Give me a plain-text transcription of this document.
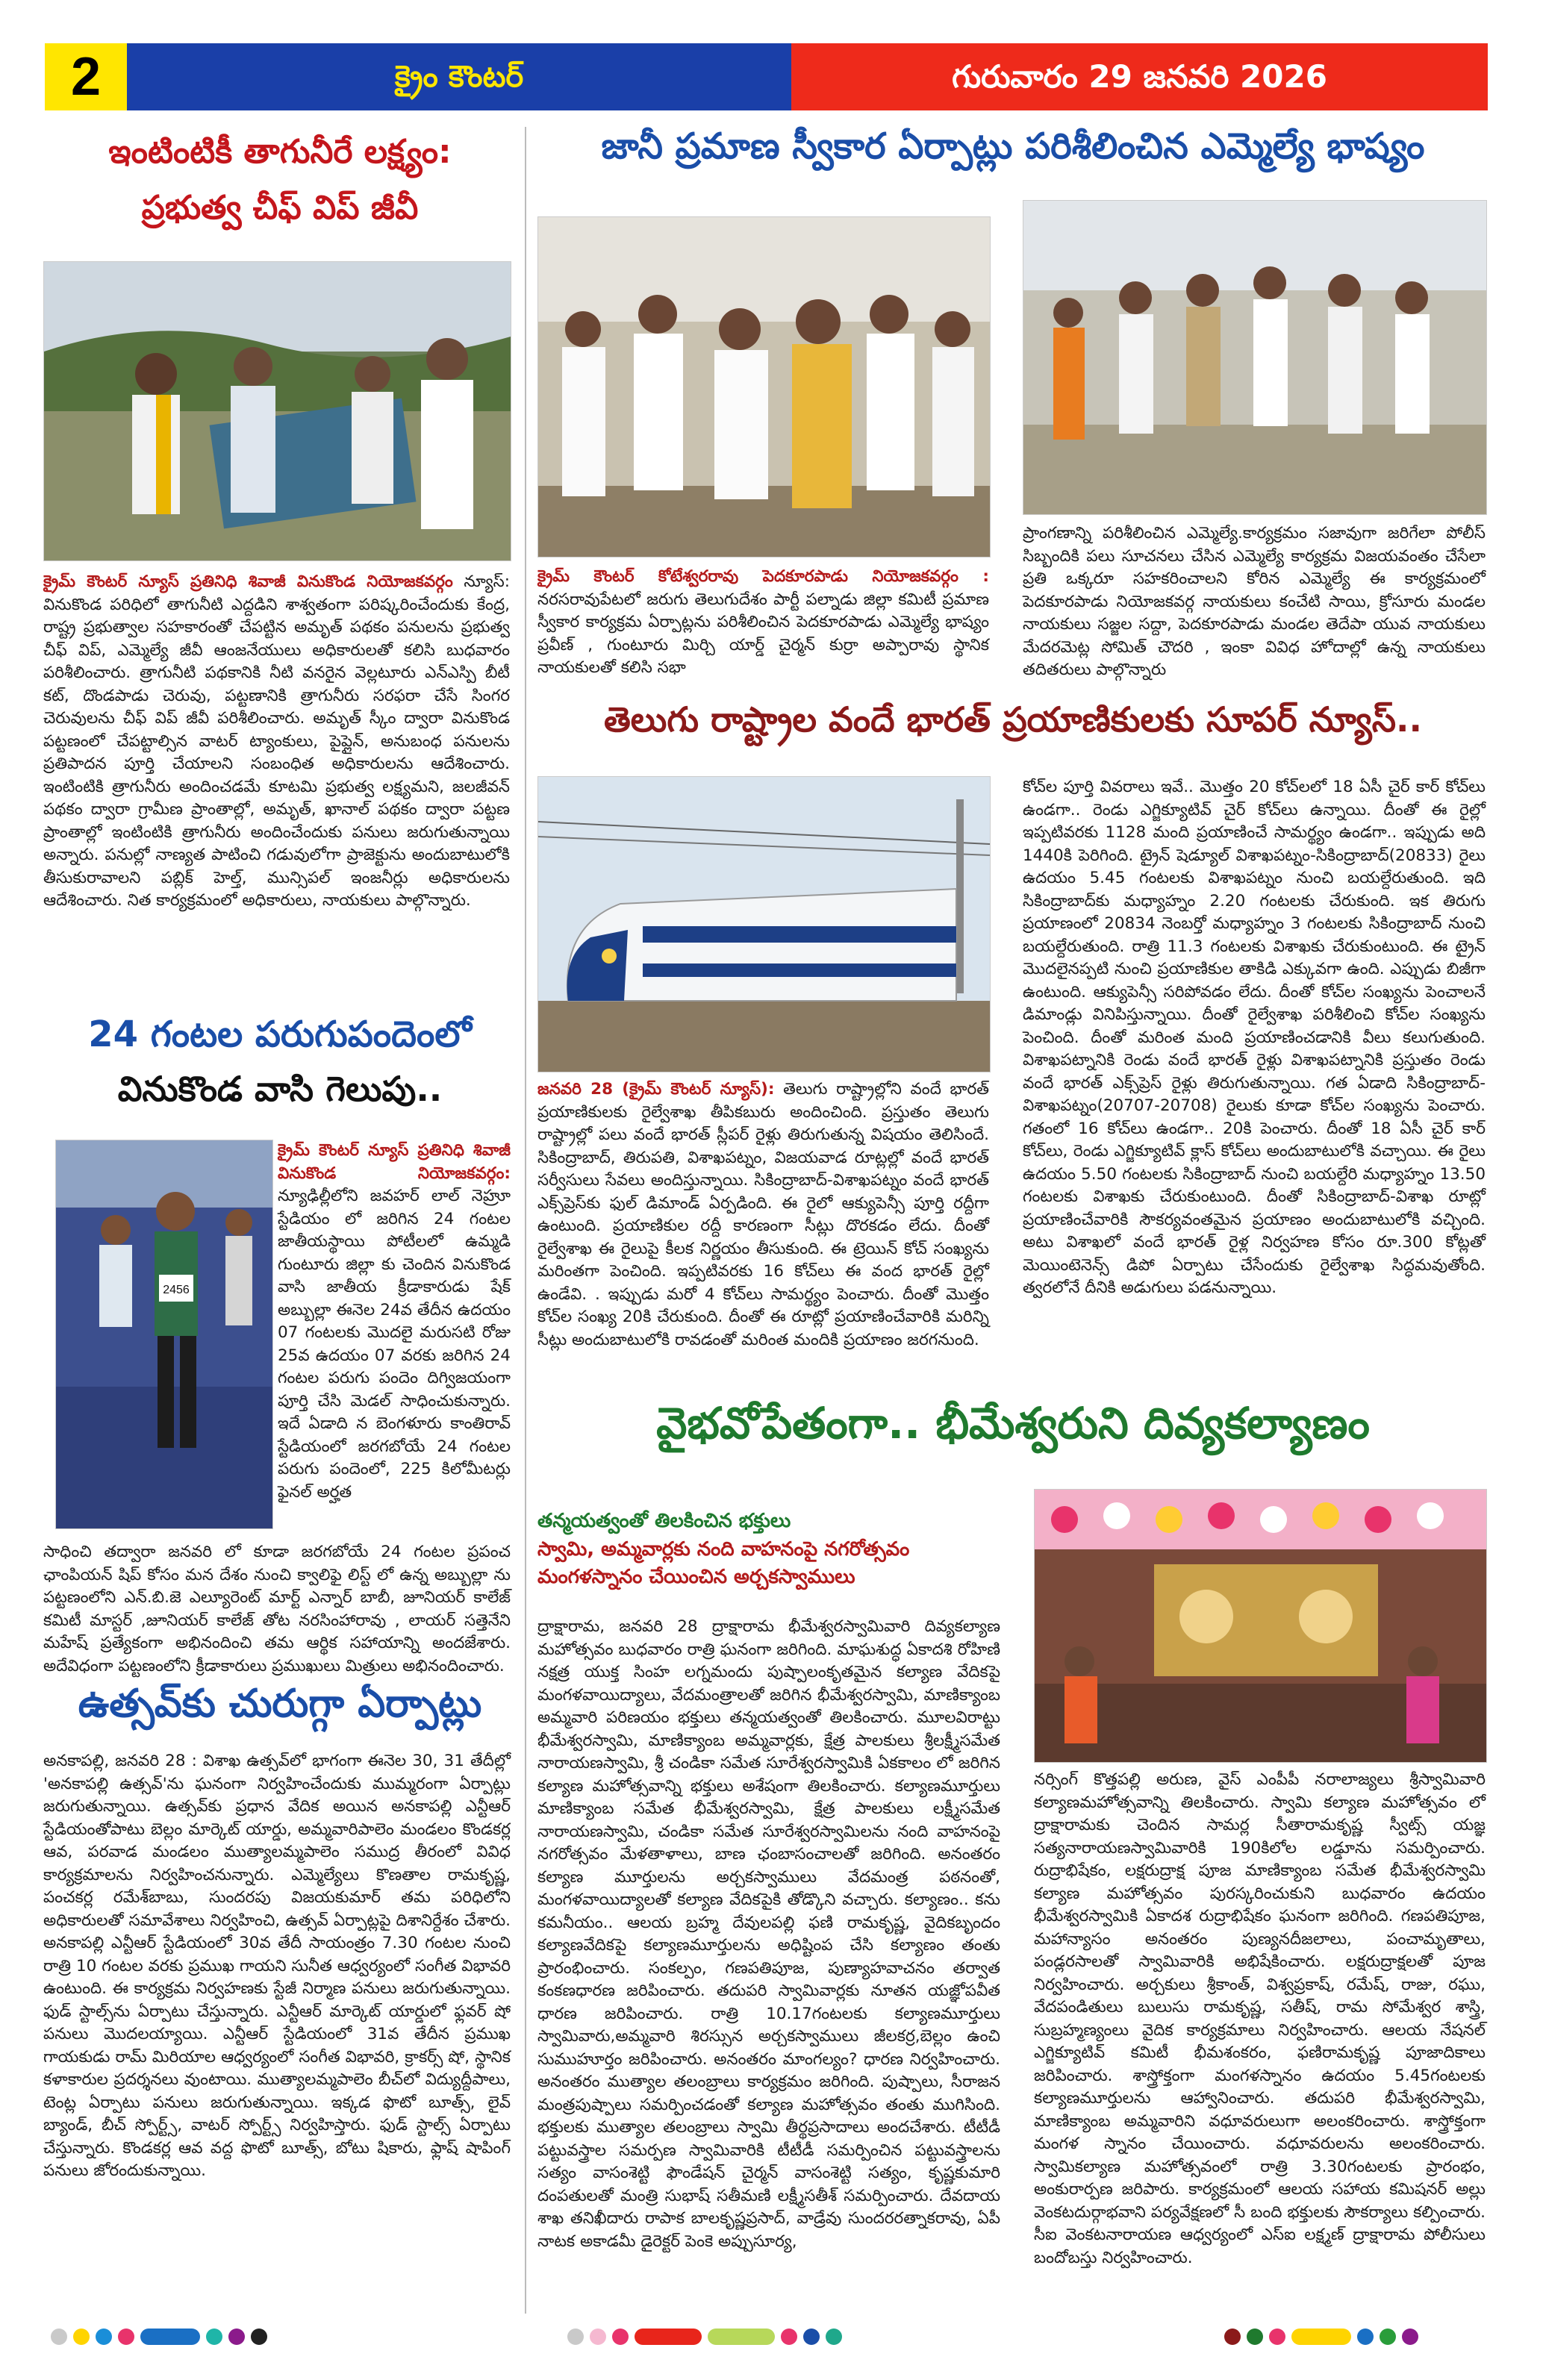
2	క్రైం కౌంటర్	గురువారం 29 జనవరి 2026
ఇంటింటికీ తాగునీరే లక్ష్యం:
ప్రభుత్వ చీఫ్ విప్ జీవీ
క్రైమ్ కౌంటర్ న్యూస్ ప్రతినిధి శివాజీ వినుకొండ నియోజకవర్గం న్యూస్: వినుకొండ పరిధిలో తాగునీటి ఎద్దడిని శాశ్వతంగా పరిష్కరించేందుకు కేంద్ర, రాష్ట్ర ప్రభుత్వాల సహకారంతో చేపట్టిన అమృత్ పథకం పనులను ప్రభుత్వ చీఫ్ విప్, ఎమ్మెల్యే జీవీ ఆంజనేయులు అధికారులతో కలిసి బుధవారం పరిశీలించారు. త్రాగునీటి పథకానికి నీటి వనరైన వెల్లటూరు ఎన్ఎస్పి బీటీ కట్, దొండపాడు చెరువు, పట్టణానికి త్రాగునీరు సరఫరా చేసే సింగర చెరువులను చీఫ్ విప్ జీవీ పరిశీలించారు. అమృత్ స్కీం ద్వారా వినుకొండ పట్టణంలో చేపట్టాల్సిన వాటర్ ట్యాంకులు, పైప్లైన్, అనుబంధ పనులను ప్రతిపాదన పూర్తి చేయాలని సంబంధిత అధికారులను ఆదేశించారు. ఇంటింటికి త్రాగునీరు అందించడమే కూటమి ప్రభుత్వ లక్ష్యమని, జలజీవన్ పథకం ద్వారా గ్రామీణ ప్రాంతాల్లో, అమృత్, ఖానాల్ పథకం ద్వారా పట్టణ ప్రాంతాల్లో ఇంటింటికి త్రాగునీరు అందించేందుకు పనులు జరుగుతున్నాయి అన్నారు. పనుల్లో నాణ్యత పాటించి గడువులోగా ప్రాజెక్టును అందుబాటులోకి తీసుకురావాలని పబ్లిక్ హెల్త్, మున్సిపల్ ఇంజనీర్లు అధికారులను ఆదేశించారు. నిత కార్యక్రమంలో అధికారులు, నాయకులు పాల్గొన్నారు.
24 గంటల పరుగుపందెంలో
వినుకొండ వాసి గెలుపు..
2456
క్రైమ్ కౌంటర్ న్యూస్ ప్రతినిధి శివాజీ వినుకొండ నియోజకవర్గం: న్యూఢిల్లీలోని జవహర్ లాల్ నెహ్రూ స్టేడియం లో జరిగిన 24 గంటల జాతీయస్థాయి పోటీలలో ఉమ్మడి గుంటూరు జిల్లా కు చెందిన వినుకొండ వాసి జాతీయ క్రీడాకారుడు షేక్ అబ్బుల్లా ఈనెల 24వ తేదీన ఉదయం 07 గంటలకు మొదలై మరుసటి రోజు 25వ ఉదయం 07 వరకు జరిగిన 24 గంటల పరుగు పందెం దిగ్విజయంగా పూర్తి చేసి మెడల్ సాధించుకున్నారు. ఇదే ఏడాది న బెంగళూరు కాంతిరావ్ స్టేడియంలో జరగబోయే 24 గంటల పరుగు పందెంలో, 225 కిలోమీటర్లు ఫైనల్ అర్హత
సాధించి తద్వారా జనవరి లో కూడా జరగబోయే 24 గంటల ప్రపంచ ఛాంపియన్ షిప్ కోసం మన దేశం నుంచి క్వాలిఫై లిస్ట్ లో ఉన్న అబ్బుల్లా ను పట్టణంలోని ఎన్.బి.జె ఎల్యూరెంట్ మార్ట్ ఎన్నార్ బాబీ, జూనియర్ కాలేజ్ కమిటీ మాస్టర్ ,జూనియర్ కాలేజ్ తోట నరసింహారావు , లాయర్ సత్తెనేని మహేష్ ప్రత్యేకంగా అభినందించి తమ ఆర్థిక సహాయాన్ని అందజేశారు. అదేవిధంగా పట్టణంలోని క్రీడాకారులు ప్రముఖులు మిత్రులు అభినందించారు.
ఉత్సవ్‌కు చురుగ్గా ఏర్పాట్లు
అనకాపల్లి, జనవరి 28 : విశాఖ ఉత్సవ్‌లో భాగంగా ఈనెల 30, 31 తేదీల్లో 'అనకాపల్లి ఉత్సవ్'ను ఘనంగా నిర్వహించేందుకు ముమ్మరంగా ఏర్పాట్లు జరుగుతున్నాయి. ఉత్సవ్‌కు ప్రధాన వేదిక అయిన అనకాపల్లి ఎన్టీఆర్ స్టేడియంతోపాటు బెల్లం మార్కెట్ యార్డు, అమ్మవారిపాలెం మండలం కొండకర్ల ఆవ, పరవాడ మండలం ముత్యాలమ్మపాలెం సముద్ర తీరంలో వివిధ కార్యక్రమాలను నిర్వహించనున్నారు. ఎమ్మెల్యేలు కొణతాల రామకృష్ణ, పంచకర్ల రమేశ్‌బాబు, సుందరపు విజయకుమార్ తమ పరిధిలోని అధికారులతో సమావేశాలు నిర్వహించి, ఉత్సవ్ ఏర్పాట్లపై దిశానిర్దేశం చేశారు. అనకాపల్లి ఎన్టీఆర్ స్టేడియంలో 30వ తేదీ సాయంత్రం 7.30 గంటల నుంచి రాత్రి 10 గంటల వరకు ప్రముఖ గాయని సునీత ఆధ్వర్యంలో సంగీత విభావరి ఉంటుంది. ఈ కార్యక్రమ నిర్వహణకు స్టేజీ నిర్మాణ పనులు జరుగుతున్నాయి. ఫుడ్ స్టాల్స్‌ను ఏర్పాటు చేస్తున్నారు. ఎన్టీఆర్ మార్కెట్ యార్డులో ఫ్లవర్ షో పనులు మొదలయ్యాయి. ఎన్టీఆర్ స్టేడియంలో 31వ తేదీన ప్రముఖ గాయకుడు రామ్ మిరియాల ఆధ్వర్యంలో సంగీత విభావరి, క్రాకర్స్ షో, స్థానిక కళాకారుల ప్రదర్శనలు వుంటాయి. ముత్యాలమ్మపాలెం బీచ్‌లో విద్యుద్దీపాలు, టెంట్ల ఏర్పాటు పనులు జరుగుతున్నాయి. ఇక్కడ ఫొటో బూత్స్, లైవ్ బ్యాండ్, బీచ్ స్పోర్ట్స్, వాటర్ స్పోర్ట్స్ నిర్వహిస్తారు. ఫుడ్ స్టాల్స్ ఏర్పాటు చేస్తున్నారు. కొండకర్ల ఆవ వద్ద ఫొటో బూత్స్, బోటు షికారు, ఫ్లాష్ షాపింగ్ పనులు జోరందుకున్నాయి.
జానీ ప్రమాణ స్వీకార ఏర్పాట్లు పరిశీలించిన ఎమ్మెల్యే భాష్యం
ప్రాంగణాన్ని పరిశీలించిన ఎమ్మెల్యే.కార్యక్రమం సజావుగా జరిగేలా పోలీస్ సిబ్బందికి పలు సూచనలు చేసిన ఎమ్మెల్యే కార్యక్రమ విజయవంతం చేసేలా ప్రతి ఒక్కరూ సహకరించాలని కోరిన ఎమ్మెల్యే ఈ కార్యక్రమంలో పెదకూరపాడు నియోజకవర్గ నాయకులు కంచేటి సాయి, క్రోసూరు మండల నాయకులు సజ్జల సద్దా, పెదకూరపాడు మండల తెదేపా యువ నాయకులు మేదరమెట్ల సోమిత్ చౌదరి , ఇంకా వివిధ హోదాల్లో ఉన్న నాయకులు తదితరులు పాల్గొన్నారు
క్రైమ్ కౌంటర్ కోటేశ్వరరావు పెదకూరపాడు నియోజకవర్గం : నరసరావుపేటలో జరుగు తెలుగుదేశం పార్టీ పల్నాడు జిల్లా కమిటీ ప్రమాణ స్వీకార కార్యక్రమ ఏర్పాట్లను పరిశీలించిన పెదకూరపాడు ఎమ్మెల్యే భాష్యం ప్రవీణ్ , గుంటూరు మిర్చి యార్డ్ చైర్మన్ కుర్రా అప్పారావు స్థానిక నాయకులతో కలిసి సభా
తెలుగు రాష్ట్రాల వందే భారత్ ప్రయాణికులకు సూపర్ న్యూస్..
జనవరి 28 (క్రైమ్ కౌంటర్ న్యూస్): తెలుగు రాష్ట్రాల్లోని వందే భారత్ ప్రయాణికులకు రైల్వేశాఖ తీపికబురు అందించింది. ప్రస్తుతం తెలుగు రాష్ట్రాల్లో పలు వందే భారత్ స్లీపర్ రైళ్లు తిరుగుతున్న విషయం తెలిసిందే. సికింద్రాబాద్, తిరుపతి, విశాఖపట్నం, విజయవాడ రూట్లల్లో వందే భారత్ సర్వీసులు సేవలు అందిస్తున్నాయి. సికింద్రాబాద్-విశాఖపట్నం వందే భారత్ ఎక్స్‌ప్రెస్‌కు ఫుల్ డిమాండ్ ఏర్పడింది. ఈ రైలో ఆక్యుపెన్సీ పూర్తి రద్దీగా ఉంటుంది. ప్రయాణికుల రద్దీ కారణంగా సీట్లు దొరకడం లేదు. దీంతో రైల్వేశాఖ ఈ రైలుపై కీలక నిర్ణయం తీసుకుంది. ఈ ట్రెయిన్ కోచ్ సంఖ్యను మరింతగా పెంచింది. ఇప్పటివరకు 16 కోచ్‌లు ఈ వంద భారత్ రైల్లో ఉండేవి. . ఇప్పుడు మరో 4 కోచ్‌లు సామర్థ్యం పెంచారు. దీంతో మొత్తం కోచ్‌ల సంఖ్య 20కి చేరుకుంది. దీంతో ఈ రూట్లో ప్రయాణించేవారికి మరిన్ని సీట్లు అందుబాటులోకి రావడంతో మరింత మందికి ప్రయాణం జరగనుంది.
కోచ్‌ల పూర్తి వివరాలు ఇవే.. మొత్తం 20 కోచ్‌లలో 18 ఏసీ చైర్ కార్ కోచ్‌లు ఉండగా.. రెండు ఎగ్జిక్యూటివ్ చైర్ కోచ్‌లు ఉన్నాయి. దీంతో ఈ రైల్లో ఇప్పటివరకు 1128 మంది ప్రయాణించే సామర్థ్యం ఉండగా.. ఇప్పుడు అది 1440కి పెరిగింది. ట్రైన్ షెడ్యూల్ విశాఖపట్నం-సికింద్రాబాద్(20833) రైలు ఉదయం 5.45 గంటలకు విశాఖపట్నం నుంచి బయల్దేరుతుంది. ఇది సికింద్రాబాద్‌కు మధ్యాహ్నం 2.20 గంటలకు చేరుకుంది. ఇక తిరుగు ప్రయాణంలో 20834 నెంబర్తో మధ్యాహ్నం 3 గంటలకు సికింద్రాబాద్ నుంచి బయల్దేరుతుంది. రాత్రి 11.3 గంటలకు విశాఖకు చేరుకుంటుంది. ఈ ట్రైన్ మొదలైనప్పటి నుంచి ప్రయాణికుల తాకిడి ఎక్కువగా ఉంది. ఎప్పుడు బిజీగా ఉంటుంది. ఆక్యుపెన్సీ సరిపోవడం లేదు. దీంతో కోచ్‌ల సంఖ్యను పెంచాలనే డిమాండ్లు వినిపిస్తున్నాయి. దీంతో రైల్వేశాఖ పరిశీలించి కోచ్‌ల సంఖ్యను పెంచింది. దీంతో మరింత మంది ప్రయాణించడానికి వీలు కలుగుతుంది. విశాఖపట్నానికి రెండు వందే భారత్ రైళ్లు విశాఖపట్నానికి ప్రస్తుతం రెండు వందే భారత్ ఎక్స్‌ప్రెస్ రైళ్లు తిరుగుతున్నాయి. గత ఏడాది సికింద్రాబాద్-విశాఖపట్నం(20707-20708) రైలుకు కూడా కోచ్‌ల సంఖ్యను పెంచారు. గతంలో 16 కోచ్‌లు ఉండగా.. 20కి పెంచారు. దీంతో 18 ఏసీ చైర్ కార్ కోచ్‌లు, రెండు ఎగ్జిక్యూటివ్ క్లాస్ కోచ్‌లు అందుబాటులోకి వచ్చాయి. ఈ రైలు ఉదయం 5.50 గంటలకు సికింద్రాబాద్ నుంచి బయల్దేరి మధ్యాహ్నం 13.50 గంటలకు విశాఖకు చేరుకుంటుంది. దీంతో సికింద్రాబాద్-విశాఖ రూట్లో ప్రయాణించేవారికి సౌకర్యవంతమైన ప్రయాణం అందుబాటులోకి వచ్చింది. అటు విశాఖలో వందే భారత్ రైళ్ల నిర్వహణ కోసం రూ.300 కోట్లతో మెయింటెనెన్స్ డిపో ఏర్పాటు చేసేందుకు రైల్వేశాఖ సిద్ధమవుతోంది. త్వరలోనే దీనికి అడుగులు పడనున్నాయి.
వైభవోపేతంగా.. భీమేశ్వరుని దివ్యకల్యాణం
తన్మయత్వంతో తిలకించిన భక్తులు
స్వామి, అమ్మవార్లకు నంది వాహనంపై నగరోత్సవం
మంగళస్నానం చేయించిన అర్చకస్వాములు
ద్రాక్షారామ, జనవరి 28 ద్రాక్షారామ భీమేశ్వరస్వామివారి దివ్యకల్యాణ మహోత్సవం బుధవారం రాత్రి ఘనంగా జరిగింది. మాఘశుద్ధ ఏకాదశి రోహిణి నక్షత్ర యుక్త సింహ లగ్నమందు పుష్పాలంకృతమైన కల్యాణ వేదికపై మంగళవాయిద్యాలు, వేదమంత్రాలతో జరిగిన భీమేశ్వరస్వామి, మాణిక్యాంబ అమ్మవారి పరిణయం భక్తులు తన్మయత్వంతో తిలకించారు. మూలవిరాట్టు భీమేశ్వరస్వామి, మాణిక్యాంబ అమ్మవార్లకు, క్షేత్ర పాలకులు శ్రీలక్ష్మీసమేత నారాయణస్వామి, శ్రీ చండికా సమేత సూరేశ్వరస్వామికి ఏకకాలం లో జరిగిన కల్యాణ మహోత్సవాన్ని భక్తులు అశేషంగా తిలకించారు. కల్యాణమూర్తులు మాణిక్యాంబ సమేత భీమేశ్వరస్వామి, క్షేత్ర పాలకులు లక్ష్మీసమేత నారాయణస్వామి, చండికా సమేత సూరేశ్వరస్వామిలను నంది వాహనంపై నగరోత్సవం మేళతాళాలు, బాణ ఛంబాసంచాలతో జరిగింది. అనంతరం కల్యాణ మూర్తులను అర్చకస్వాములు వేదమంత్ర పఠనంతో, మంగళవాయిద్యాలతో కల్యాణ వేదికపైకి తోడ్కొని వచ్చారు. కల్యాణం.. కను కమనీయం.. ఆలయ బ్రహ్మ దేవులపల్లి ఫణి రామకృష్ణ, వైదికబృందం కల్యాణవేదికపై కల్యాణమూర్తులను అధిష్టింప చేసి కల్యాణం తంతు ప్రారంభించారు. సంకల్పం, గణపతిపూజ, పుణ్యాహవాచనం తర్వాత కంకణధారణ జరిపించారు. తదుపరి స్వామివార్లకు నూతన యజ్ఞోపవీత ధారణ జరిపించారు. రాత్రి 10.17గంటలకు కల్యాణమూర్తులు స్వామివారు,అమ్మవారి శిరస్సున అర్చకస్వాములు జీలకర్ర,బెల్లం ఉంచి సుముహూర్తం జరిపించారు. అనంతరం మాంగల్యం? ధారణ నిర్వహించారు. అనంతరం ముత్యాల తలంబ్రాలు కార్యక్రమం జరిగింది. పుష్పాలు, సీరాజన మంత్రపుష్పాలు సమర్పించడంతో కల్యాణ మహోత్సవం తంతు ముగిసింది. భక్తులకు ముత్యాల తలంబ్రాలు స్వామి తీర్థప్రసాదాలు అందచేశారు. టీటీడీ పట్టువస్త్రాల సమర్పణ స్వామివారికి టీటీడీ సమర్పించిన పట్టువస్త్రాలను సత్యం వాసంశెట్టి ఫౌండేషన్ చైర్మన్ వాసంశెట్టి సత్యం, కృష్ణకుమారి దంపతులతో మంత్రి సుభాష్ సతీమణి లక్ష్మీసతీశ్ సమర్పించారు. దేవదాయ శాఖ తనిఖీదారు రాపాక బాలకృష్ణప్రసాద్, వాడ్రేవు సుందరరత్నాకరావు, ఏపీ నాటక అకాడమీ డైరెక్టర్ పెంకె అప్పుసూర్య,
నర్సింగ్ కొత్తపల్లి అరుణ, వైస్ ఎంపీపీ నరాలాజ్యలు శ్రీస్వామివారి కల్యాణమహోత్సవాన్ని తిలకించారు. స్వామి కల్యాణ మహోత్సవం లో ద్రాక్షారామకు చెందిన సామర్ల సీతారామకృష్ణ స్వీట్స్ యజ్ఞ సత్యనారాయణస్వామివారికి 190కిలోల లడ్డూను సమర్పించారు. రుద్రాభిషేకం, లక్షరుద్రాక్ష పూజ మాణిక్యాంబ సమేత భీమేశ్వరస్వామి కల్యాణ మహోత్సవం పురస్కరించుకుని బుధవారం ఉదయం భీమేశ్వరస్వామికి ఏకాదశ రుద్రాభిషేకం ఘనంగా జరిగింది. గణపతిపూజ, మహాన్యాసం అనంతరం పుణ్యనదీజలాలు, పంచామృతాలు, పండ్లరసాలతో స్వామివారికి అభిషేకించారు. లక్షరుద్రాక్షలతో పూజ నిర్వహించారు. అర్చకులు శ్రీకాంత్, విశ్వప్రకాష్, రమేష్, రాజు, రఘు, వేదపండితులు బులుసు రామకృష్ణ, సతీష్, రామ సోమేశ్వర శాస్త్రి, సుబ్రహ్మణ్యంలు వైదిక కార్యక్రమాలు నిర్వహించారు. ఆలయ నేషనల్ ఎగ్జిక్యూటివ్ కమిటీ భీమశంకరం, ఫణిరామకృష్ణ పూజాదికాలు జరిపించారు. శాస్త్రోక్తంగా మంగళస్నానం ఉదయం 5.45గంటలకు కల్యాణమూర్తులను ఆహ్వానించారు. తదుపరి భీమేశ్వరస్వామి, మాణిక్యాంబ అమ్మవారిని వధూవరులుగా అలంకరించారు. శాస్త్రోక్తంగా మంగళ స్నానం చేయించారు. వధూవరులను అలంకరించారు. స్వామికల్యాణ మహోత్సవంలో రాత్రి 3.30గంటలకు ప్రారంభం, అంకురార్పణ జరిపారు. కార్యక్రమంలో ఆలయ సహాయ కమిషనర్ అల్లు వెంకటదుర్గాభవాని పర్యవేక్షణలో సీ బంది భక్తులకు సౌకర్యాలు కల్పించారు. సీఐ వెంకటనారాయణ ఆధ్వర్యంలో ఎస్ఐ లక్ష్మణ్ ద్రాక్షారామ పోలీసులు బందోబస్తు నిర్వహించారు.
